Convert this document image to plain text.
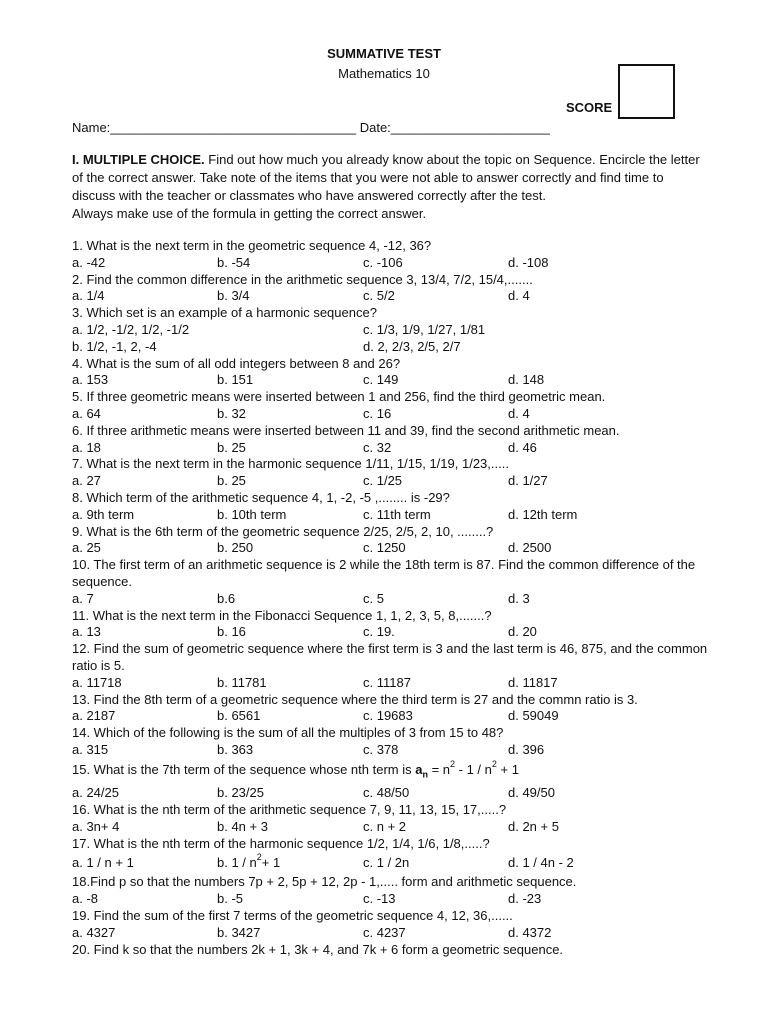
SUMMATIVE TEST
Mathematics 10
SCORE
Name:__________________________________ Date:______________________
I. MULTIPLE CHOICE. Find out how much you already know about the topic on Sequence. Encircle the letter of the correct answer. Take note of the items that you were not able to answer correctly and find time to discuss with the teacher or classmates who have answered correctly after the test.
Always make use of the formula in getting the correct answer.
1. What is the next term in the geometric sequence 4, -12, 36?
a. -42	b. -54	c. -106	d. -108
2. Find the common difference in the arithmetic sequence 3, 13/4, 7/2, 15/4,.......
a. 1/4	b. 3/4	c. 5/2	d. 4
3. Which set is an example of a harmonic sequence?
a. 1/2, -1/2, 1/2, -1/2	c. 1/3, 1/9, 1/27, 1/81
b. 1/2, -1, 2, -4	d. 2, 2/3, 2/5, 2/7
4. What is the sum of all odd integers between 8 and 26?
a. 153	b. 151	c. 149	d. 148
5. If three geometric means were inserted between 1 and 256, find the third geometric mean.
a. 64	b. 32	c. 16	d. 4
6. If three arithmetic means were inserted between 11 and 39, find the second arithmetic mean.
a. 18	b. 25	c. 32	d. 46
7. What is the next term in the harmonic sequence 1/11, 1/15, 1/19, 1/23,.....
a. 27	b. 25	c. 1/25	d. 1/27
8. Which term of the arithmetic sequence 4, 1, -2, -5 ,........ is -29?
a. 9th term	b. 10th term	c. 11th term	d. 12th term
9. What is the 6th term of the geometric sequence 2/25, 2/5, 2, 10, ........?
a. 25	b. 250	c. 1250	d. 2500
10. The first term of an arithmetic sequence is 2 while the 18th term is 87. Find the common difference of the sequence.
a. 7	b.6	c. 5	d. 3
11. What is the next term in the Fibonacci Sequence 1, 1, 2, 3, 5, 8,.......?
a. 13	b. 16	c. 19.	d. 20
12. Find the sum of geometric sequence where the first term is 3 and the last term is 46, 875, and the common ratio is 5.
a. 11718	b. 11781	c. 11187	d. 11817
13. Find the 8th term of a geometric sequence where the third term is 27 and the commn ratio is 3.
a. 2187	b. 6561	c. 19683	d. 59049
14. Which of the following is the sum of all the multiples of 3 from 15 to 48?
a. 315	b. 363	c. 378	d. 396
15. What is the 7th term of the sequence whose nth term is $a_n = n^2 - 1 / n^2 + 1$
a. 24/25	b. 23/25	c. 48/50	d. 49/50
16. What is the nth term of the arithmetic sequence 7, 9, 11, 13, 15, 17,.....?
a. 3n+ 4	b. 4n + 3	c. n + 2	d. 2n + 5
17. What is the nth term of the harmonic sequence 1/2, 1/4, 1/6, 1/8,.....?
a. 1 / n + 1	b. $1 / n^2+ 1$	c. 1 / 2n	d. 1 / 4n - 2
18.Find p so that the numbers 7p + 2, 5p + 12, 2p - 1,..... form and arithmetic sequence.
a. -8	b. -5	c. -13	d. -23
19. Find the sum of the first 7 terms of the geometric sequence 4, 12, 36,......
a. 4327	b. 3427	c. 4237	d. 4372
20. Find k so that the numbers 2k + 1, 3k + 4, and 7k + 6 form a geometric sequence.
